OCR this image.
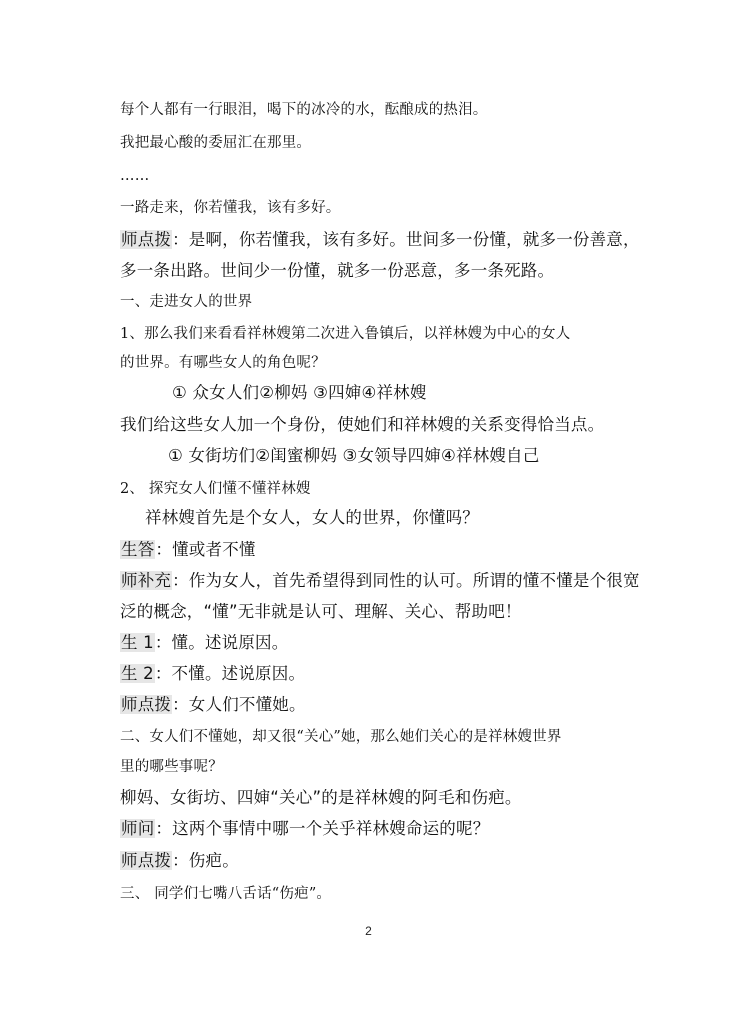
每个人都有一行眼泪，喝下的冰冷的水，酝酿成的热泪。
我把最心酸的委屈汇在那里。
……
一路走来，你若懂我，该有多好。
师点拨：是啊，你若懂我，该有多好。世间多一份懂，就多一份善意，
多一条出路。世间少一份懂，就多一份恶意，多一条死路。
一、走进女人的世界
1、那么我们来看看祥林嫂第二次进入鲁镇后，以祥林嫂为中心的女人
的世界。有哪些女人的角色呢？
① 众女人们②柳妈 ③四婶④祥林嫂
我们给这些女人加一个身份，使她们和祥林嫂的关系变得恰当点。
① 女街坊们②闺蜜柳妈 ③女领导四婶④祥林嫂自己
2、 探究女人们懂不懂祥林嫂
祥林嫂首先是个女人，女人的世界，你懂吗？
生答：懂或者不懂
师补充：作为女人，首先希望得到同性的认可。所谓的懂不懂是个很宽
泛的概念，“懂”无非就是认可、理解、关心、帮助吧！
生 1：懂。述说原因。
生 2：不懂。述说原因。
师点拨：女人们不懂她。
二、女人们不懂她，却又很“关心”她，那么她们关心的是祥林嫂世界
里的哪些事呢？
柳妈、女街坊、四婶“关心”的是祥林嫂的阿毛和伤疤。
师问：这两个事情中哪一个关乎祥林嫂命运的呢？
师点拨：伤疤。
三、 同学们七嘴八舌话“伤疤”。
2
